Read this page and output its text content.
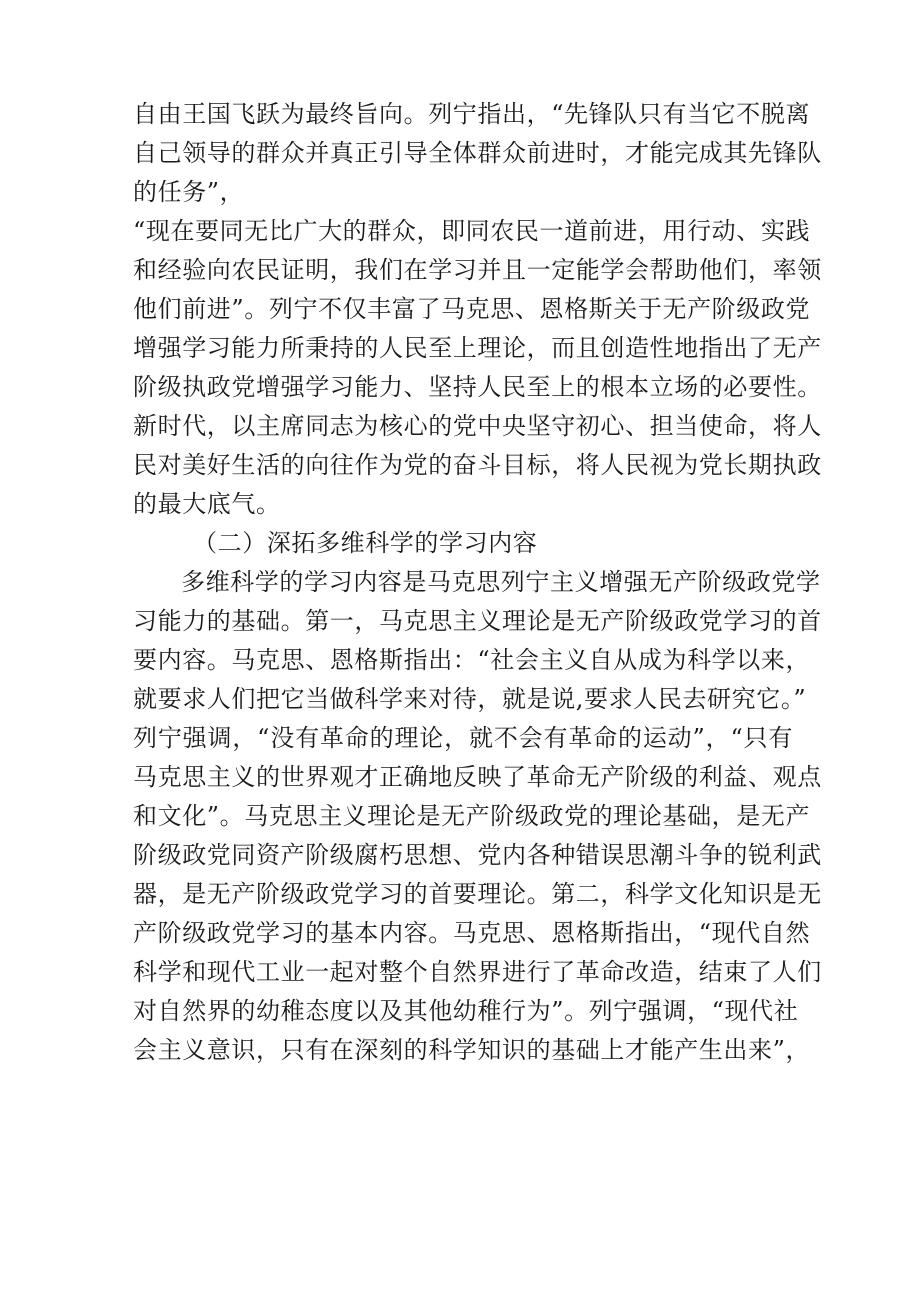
自由王国飞跃为最终旨向。列宁指出，“先锋队只有当它不脱离
自己领导的群众并真正引导全体群众前进时，才能完成其先锋队
的任务”，
“现在要同无比广大的群众，即同农民一道前进，用行动、实践
和经验向农民证明，我们在学习并且一定能学会帮助他们，率领
他们前进”。列宁不仅丰富了马克思、恩格斯关于无产阶级政党
增强学习能力所秉持的人民至上理论，而且创造性地指出了无产
阶级执政党增强学习能力、坚持人民至上的根本立场的必要性。
新时代，以主席同志为核心的党中央坚守初心、担当使命，将人
民对美好生活的向往作为党的奋斗目标，将人民视为党长期执政
的最大底气。
（二）深拓多维科学的学习内容
多维科学的学习内容是马克思列宁主义增强无产阶级政党学
习能力的基础。第一，马克思主义理论是无产阶级政党学习的首
要内容。马克思、恩格斯指出：“社会主义自从成为科学以来，
就要求人们把它当做科学来对待，就是说,要求人民去研究它。”
列宁强调，“没有革命的理论，就不会有革命的运动”，“只有
马克思主义的世界观才正确地反映了革命无产阶级的利益、观点
和文化”。马克思主义理论是无产阶级政党的理论基础，是无产
阶级政党同资产阶级腐朽思想、党内各种错误思潮斗争的锐利武
器，是无产阶级政党学习的首要理论。第二，科学文化知识是无
产阶级政党学习的基本内容。马克思、恩格斯指出，“现代自然
科学和现代工业一起对整个自然界进行了革命改造，结束了人们
对自然界的幼稚态度以及其他幼稚行为”。列宁强调，“现代社
会主义意识，只有在深刻的科学知识的基础上才能产生出来”，
